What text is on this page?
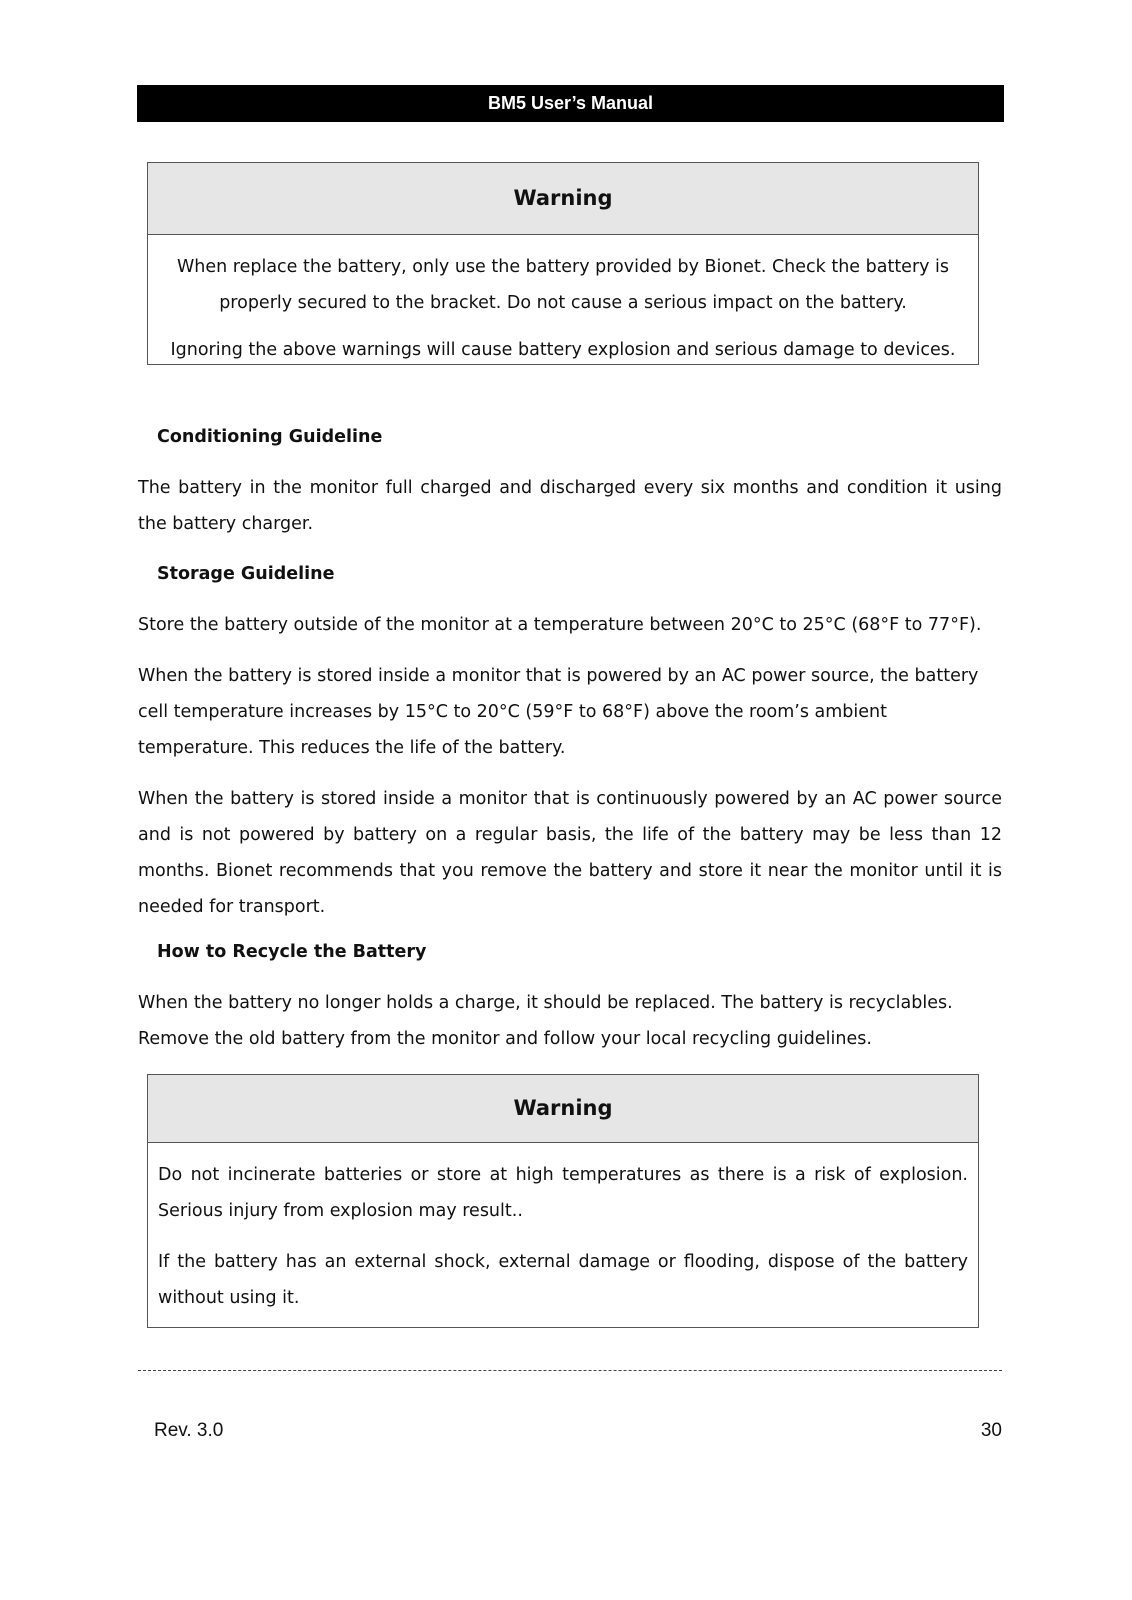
BM5 User’s Manual
Warning

When replace the battery, only use the battery provided by Bionet. Check the battery is properly secured to the bracket. Do not cause a serious impact on the battery.

Ignoring the above warnings will cause battery explosion and serious damage to devices.

Conditioning Guideline
The battery in the monitor full charged and discharged every six months and condition it using the battery charger.
Storage Guideline
Store the battery outside of the monitor at a temperature between 20°C to 25°C (68°F to 77°F).
When the battery is stored inside a monitor that is powered by an AC power source, the battery cell temperature increases by 15°C to 20°C (59°F to 68°F) above the room’s ambient temperature. This reduces the life of the battery.
When the battery is stored inside a monitor that is continuously powered by an AC power source and is not powered by battery on a regular basis, the life of the battery may be less than 12 months. Bionet recommends that you remove the battery and store it near the monitor until it is needed for transport.
How to Recycle the Battery
When the battery no longer holds a charge, it should be replaced. The battery is recyclables. Remove the old battery from the monitor and follow your local recycling guidelines.
Warning

Do not incinerate batteries or store at high temperatures as there is a risk of explosion. Serious injury from explosion may result..

If the battery has an external shock, external damage or flooding, dispose of the battery without using it.

Rev. 3.0	30
